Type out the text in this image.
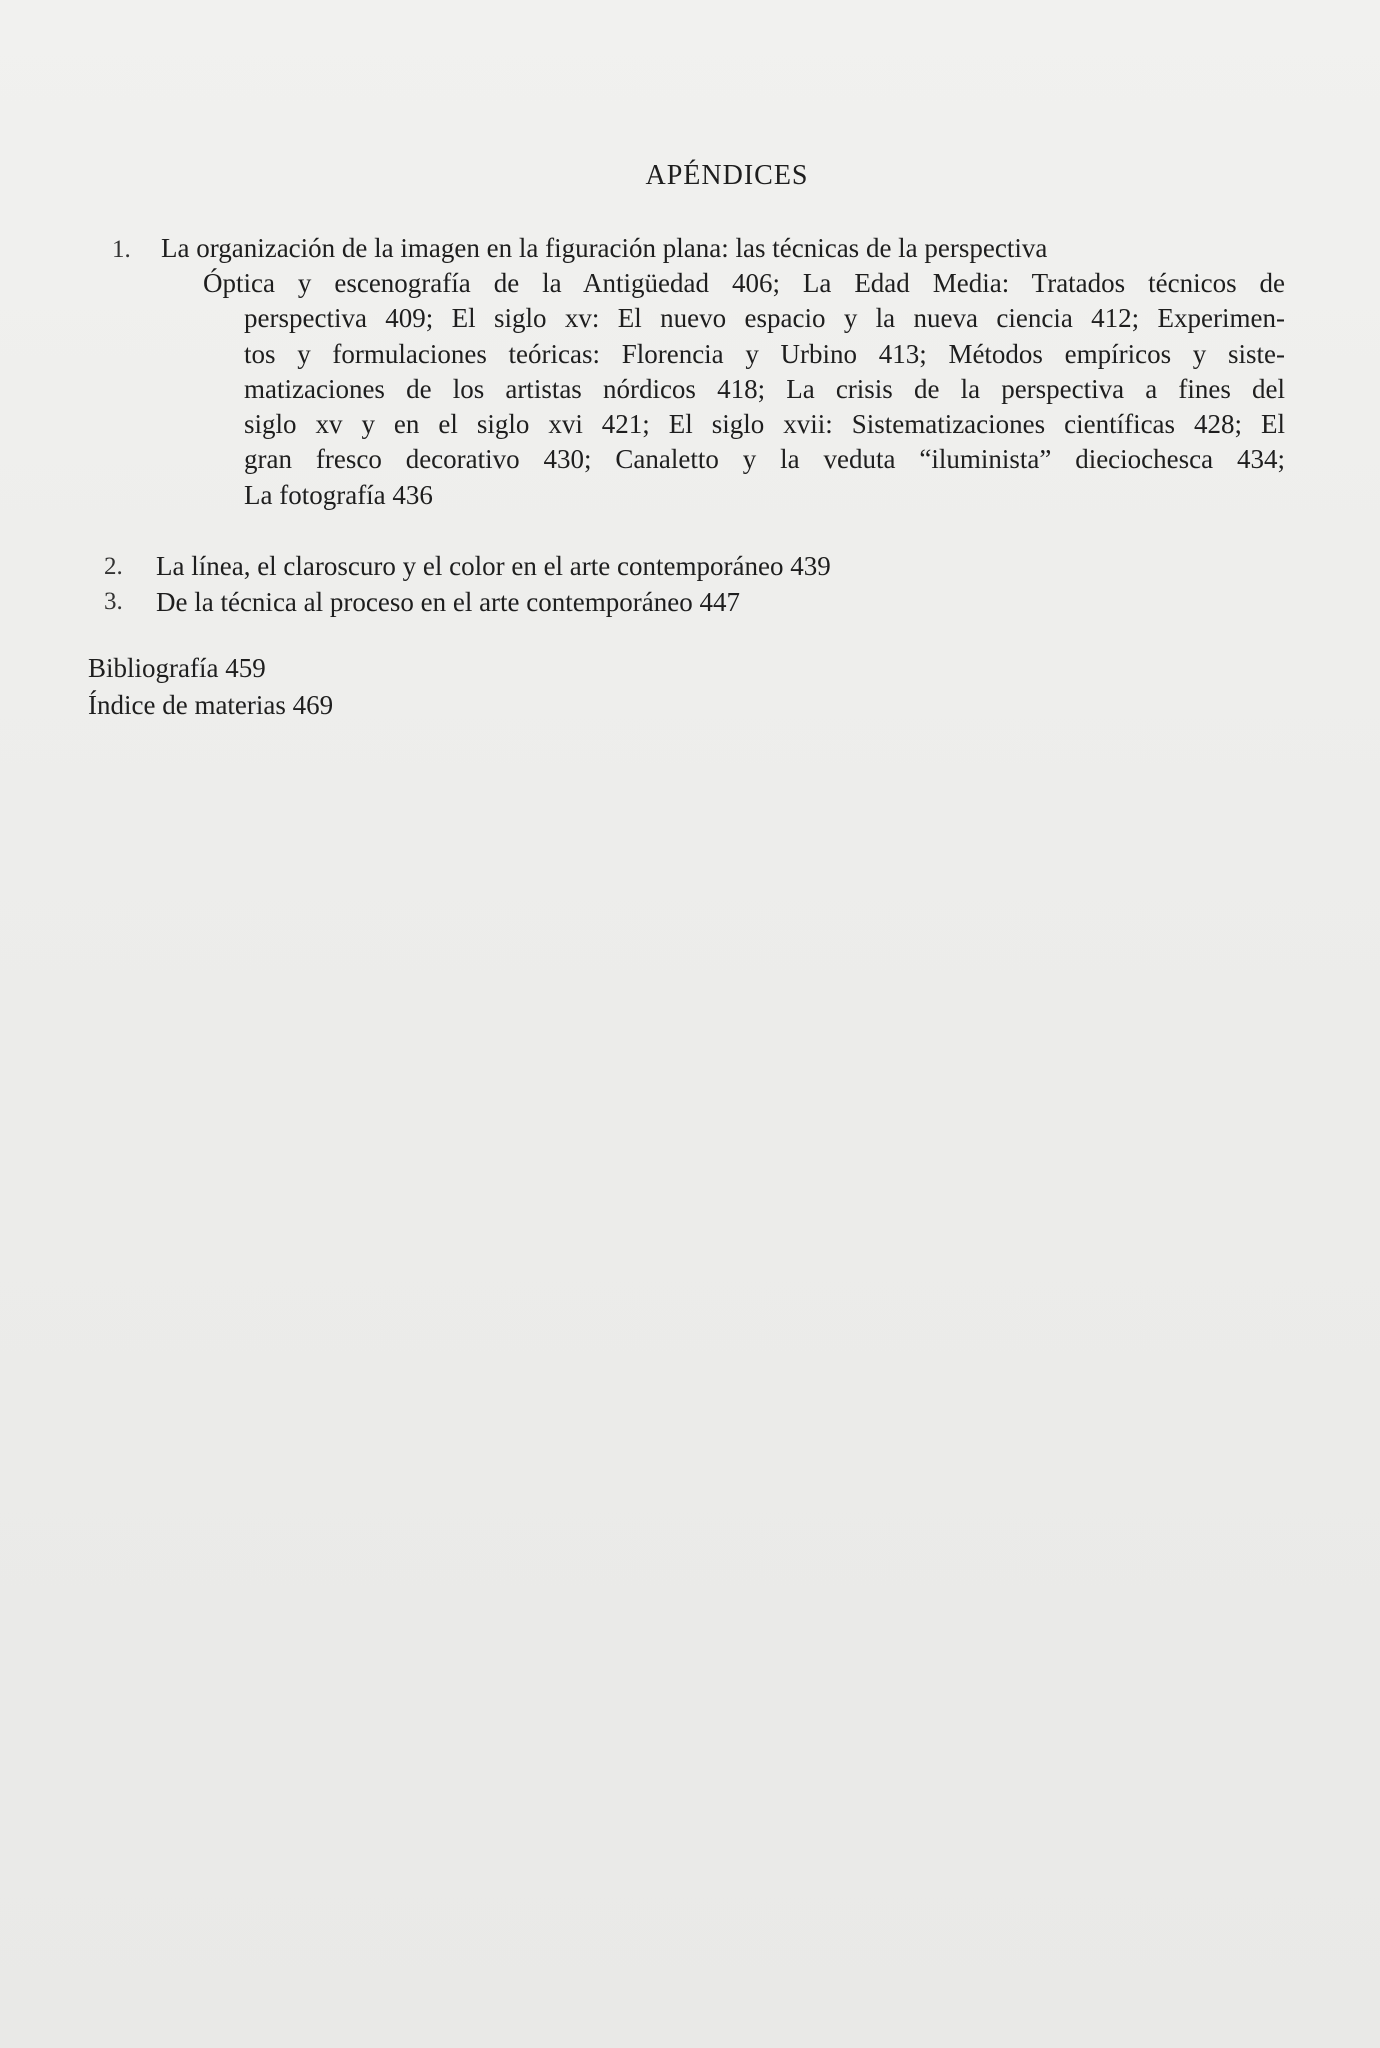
APÉNDICES
1. La organización de la imagen en la figuración plana: las técnicas de la perspectiva
Óptica y escenografía de la Antigüedad 406; La Edad Media: Tratados técnicos de
perspectiva 409; El siglo xv: El nuevo espacio y la nueva ciencia 412; Experimen-
tos y formulaciones teóricas: Florencia y Urbino 413; Métodos empíricos y siste-
matizaciones de los artistas nórdicos 418; La crisis de la perspectiva a fines del
siglo xv y en el siglo xvi 421; El siglo xvii: Sistematizaciones científicas 428; El
gran fresco decorativo 430; Canaletto y la veduta “iluminista” dieciochesca 434;
La fotografía 436
2. La línea, el claroscuro y el color en el arte contemporáneo 439
3. De la técnica al proceso en el arte contemporáneo 447
Bibliografía 459
Índice de materias 469
